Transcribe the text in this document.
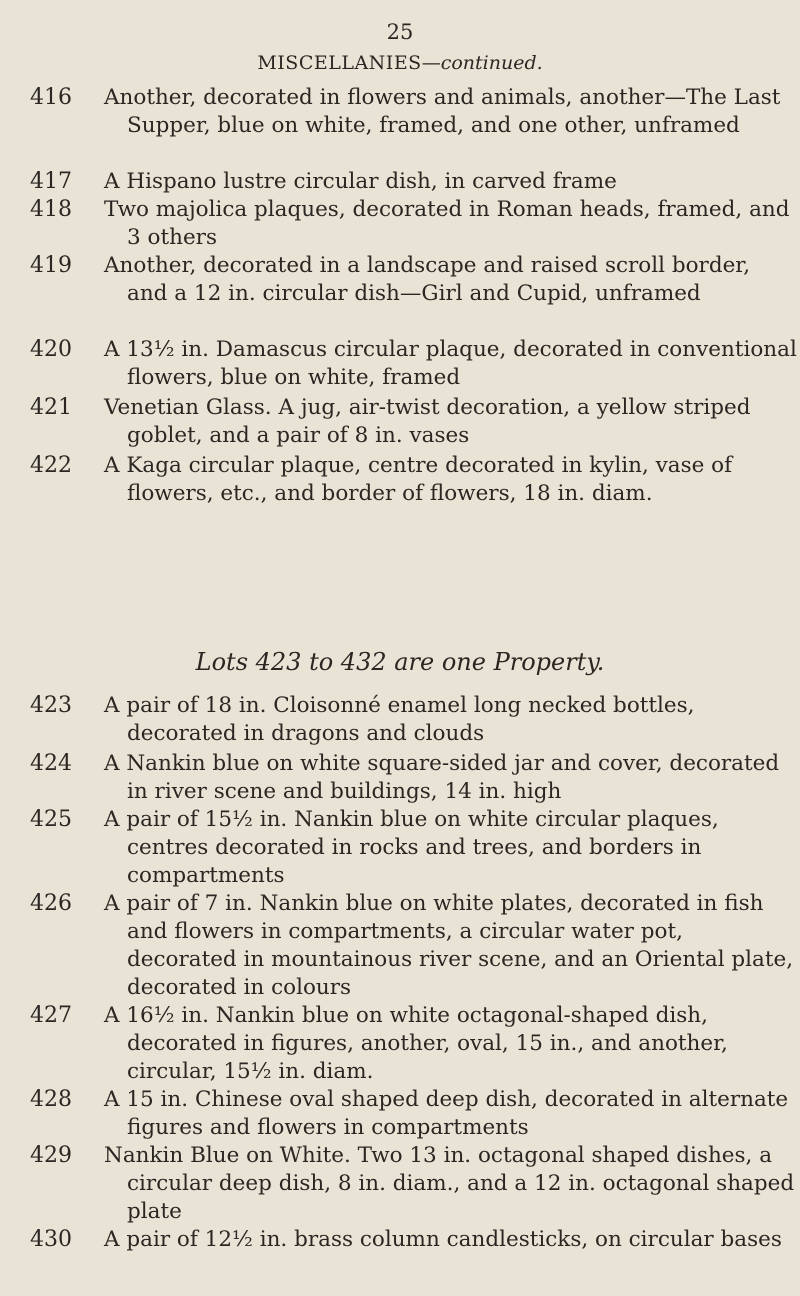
25
MISCELLANIES—continued.
416	Another, decorated in flowers and animals, another—The Last Supper, blue on white, framed, and one other, unframed
417	A Hispano lustre circular dish, in carved frame
418	Two majolica plaques, decorated in Roman heads, framed, and 3 others
419	Another, decorated in a landscape and raised scroll border, and a 12 in. circular dish—Girl and Cupid, unframed
420	A 13½ in. Damascus circular plaque, decorated in conventional flowers, blue on white, framed
421	Venetian Glass. A jug, air-twist decoration, a yellow striped goblet, and a pair of 8 in. vases
422	A Kaga circular plaque, centre decorated in kylin, vase of flowers, etc., and border of flowers, 18 in. diam.
Lots 423 to 432 are one Property.
423	A pair of 18 in. Cloisonné enamel long necked bottles, decorated in dragons and clouds
424	A Nankin blue on white square-sided jar and cover, decorated in river scene and buildings, 14 in. high
425	A pair of 15½ in. Nankin blue on white circular plaques, centres decorated in rocks and trees, and borders in compartments
426	A pair of 7 in. Nankin blue on white plates, decorated in fish and flowers in compartments, a circular water pot, decorated in mountainous river scene, and an Oriental plate, decorated in colours
427	A 16½ in. Nankin blue on white octagonal-shaped dish, decorated in figures, another, oval, 15 in., and another, circular, 15½ in. diam.
428	A 15 in. Chinese oval shaped deep dish, decorated in alternate figures and flowers in compartments
429	Nankin Blue on White. Two 13 in. octagonal shaped dishes, a circular deep dish, 8 in. diam., and a 12 in. octagonal shaped plate
430	A pair of 12½ in. brass column candlesticks, on circular bases
